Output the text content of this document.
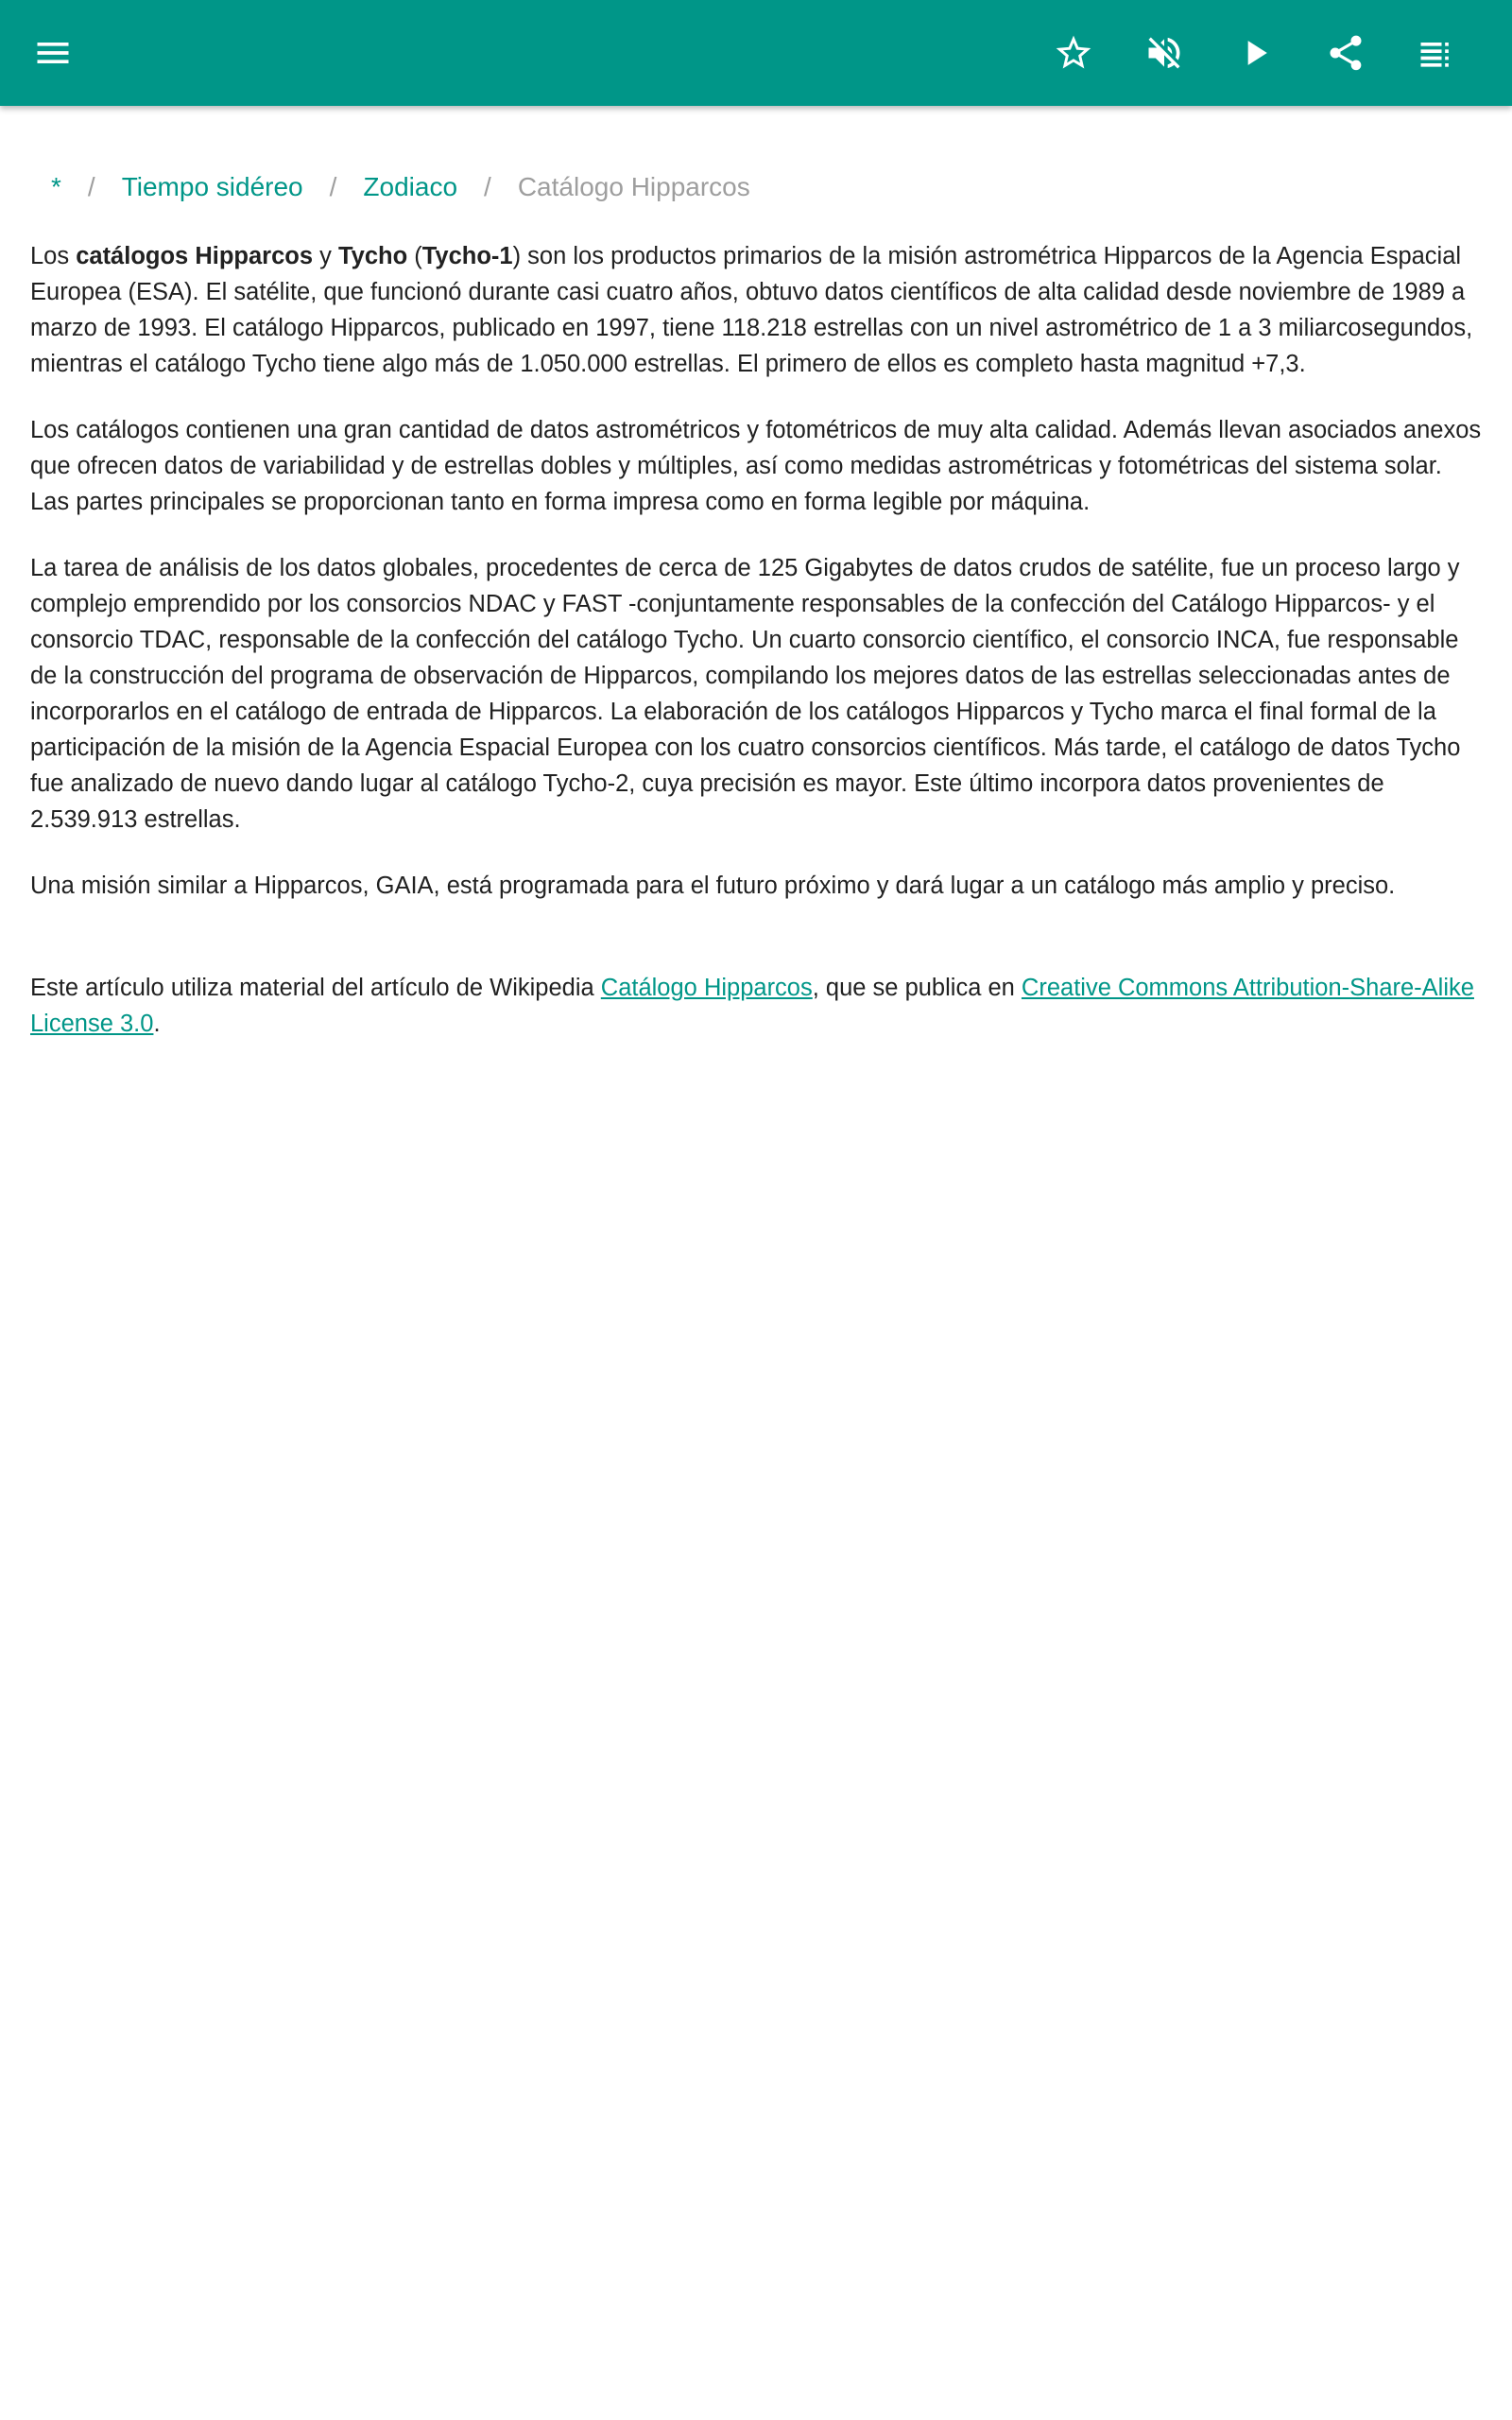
*	/	Tiempo sidéreo	/	Zodiaco	/	Catálogo Hipparcos

Los catálogos Hipparcos y Tycho (Tycho-1) son los productos primarios de la misión astrométrica Hipparcos de la Agencia Espacial Europea (ESA). El satélite, que funcionó durante casi cuatro años, obtuvo datos científicos de alta calidad desde noviembre de 1989 a marzo de 1993. El catálogo Hipparcos, publicado en 1997, tiene 118.218 estrellas con un nivel astrométrico de 1 a 3 miliarcosegundos, mientras el catálogo Tycho tiene algo más de 1.050.000 estrellas. El primero de ellos es completo hasta magnitud +7,3.

Los catálogos contienen una gran cantidad de datos astrométricos y fotométricos de muy alta calidad. Además llevan asociados anexos que ofrecen datos de variabilidad y de estrellas dobles y múltiples, así como medidas astrométricas y fotométricas del sistema solar. Las partes principales se proporcionan tanto en forma impresa como en forma legible por máquina.

La tarea de análisis de los datos globales, procedentes de cerca de 125 Gigabytes de datos crudos de satélite, fue un proceso largo y complejo emprendido por los consorcios NDAC y FAST -conjuntamente responsables de la confección del Catálogo Hipparcos- y el consorcio TDAC, responsable de la confección del catálogo Tycho. Un cuarto consorcio científico, el consorcio INCA, fue responsable de la construcción del programa de observación de Hipparcos, compilando los mejores datos de las estrellas seleccionadas antes de incorporarlos en el catálogo de entrada de Hipparcos. La elaboración de los catálogos Hipparcos y Tycho marca el final formal de la participación de la misión de la Agencia Espacial Europea con los cuatro consorcios científicos. Más tarde, el catálogo de datos Tycho fue analizado de nuevo dando lugar al catálogo Tycho-2, cuya precisión es mayor. Este último incorpora datos provenientes de 2.539.913 estrellas.

Una misión similar a Hipparcos, GAIA, está programada para el futuro próximo y dará lugar a un catálogo más amplio y preciso.

Este artículo utiliza material del artículo de Wikipedia Catálogo Hipparcos, que se publica en Creative Commons Attribution-Share-Alike License 3.0.
